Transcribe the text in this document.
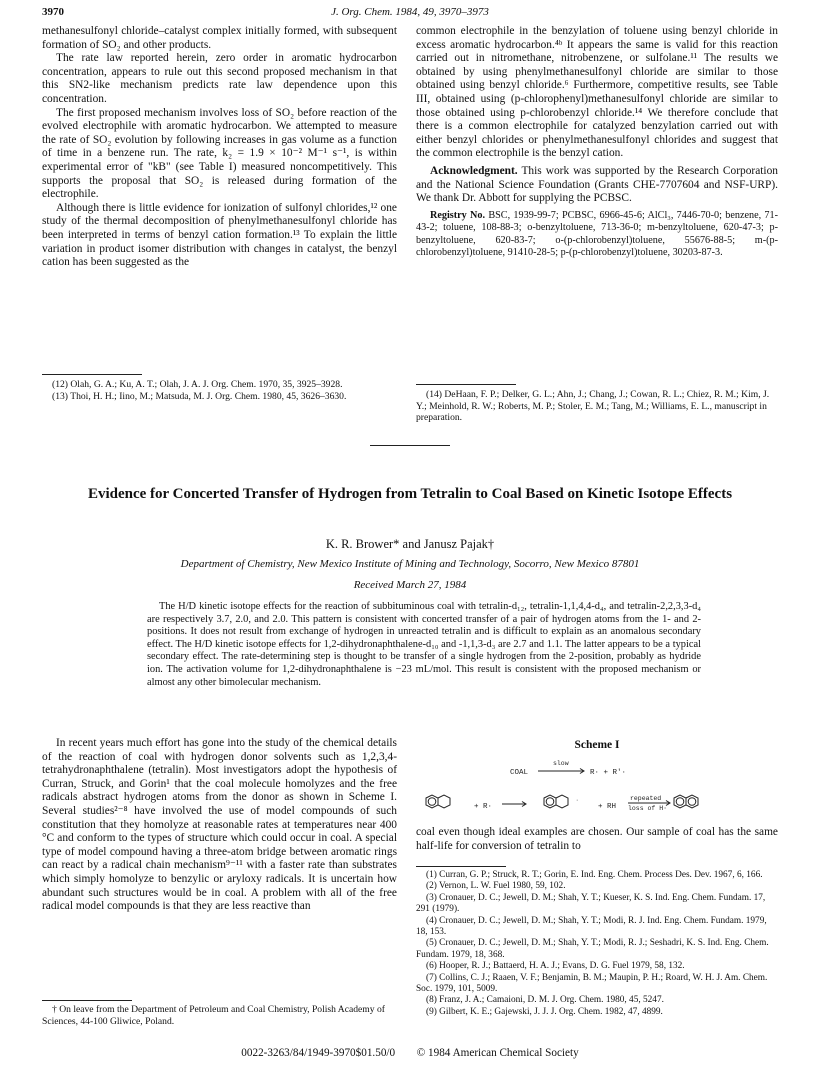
3970	J. Org. Chem. 1984, 49, 3970–3973

methanesulfonyl chloride–catalyst complex initially formed, with subsequent formation of SO₂ and other products.

The rate law reported herein, zero order in aromatic hydrocarbon concentration, appears to rule out this second proposed mechanism in that this SN2-like mechanism predicts rate law dependence upon this concentration.

The first proposed mechanism involves loss of SO₂ before reaction of the evolved electrophile with aromatic hydrocarbon. We attempted to measure the rate of SO₂ evolution by following increases in gas volume as a function of time in a benzene run. The rate, k₂ = 1.9 × 10⁻² M⁻¹ s⁻¹, is within experimental error of "kB" (see Table I) measured noncompetitively. This supports the proposal that SO₂ is released during formation of the electrophile.

Although there is little evidence for ionization of sulfonyl chlorides,¹² one study of the thermal decomposition of phenylmethanesulfonyl chloride has been interpreted in terms of benzyl cation formation.¹³ To explain the little variation in product isomer distribution with changes in catalyst, the benzyl cation has been suggested as the

common electrophile in the benzylation of toluene using benzyl chloride in excess aromatic hydrocarbon.⁴ᵇ It appears the same is valid for this reaction carried out in nitromethane, nitrobenzene, or sulfolane.¹¹ The results we obtained by using phenylmethanesulfonyl chloride are similar to those obtained using benzyl chloride.⁶ Furthermore, competitive results, see Table III, obtained using (p-chlorophenyl)methanesulfonyl chloride are similar to those obtained using p-chlorobenzyl chloride.¹⁴ We therefore conclude that there is a common electrophile for catalyzed benzylation carried out with either benzyl chlorides or phenylmethanesulfonyl chlorides and suggest that the common electrophile is the benzyl cation.

Acknowledgment. This work was supported by the Research Corporation and the National Science Foundation (Grants CHE-7707604 and NSF-URP). We thank Dr. Abbott for supplying the PCBSC.

Registry No. BSC, 1939-99-7; PCBSC, 6966-45-6; AlCl₃, 7446-70-0; benzene, 71-43-2; toluene, 108-88-3; o-benzyltoluene, 713-36-0; m-benzyltoluene, 620-47-3; p-benzyltoluene, 620-83-7; o-(p-chlorobenzyl)toluene, 55676-88-5; m-(p-chlorobenzyl)toluene, 91410-28-5; p-(p-chlorobenzyl)toluene, 30203-87-3.

(12) Olah, G. A.; Ku, A. T.; Olah, J. A. J. Org. Chem. 1970, 35, 3925–3928.

(13) Thoi, H. H.; Iino, M.; Matsuda, M. J. Org. Chem. 1980, 45, 3626–3630.	(14) DeHaan, F. P.; Delker, G. L.; Ahn, J.; Chang, J.; Cowan, R. L.; Chiez, R. M.; Kim, J. Y.; Meinhold, R. W.; Roberts, M. P.; Stoler, E. M.; Tang, M.; Williams, E. L., manuscript in preparation.

Evidence for Concerted Transfer of Hydrogen from Tetralin to Coal Based on Kinetic Isotope Effects
K. R. Brower* and Janusz Pajak†
Department of Chemistry, New Mexico Institute of Mining and Technology, Socorro, New Mexico 87801
Received March 27, 1984

The H/D kinetic isotope effects for the reaction of subbituminous coal with tetralin-d₁₂, tetralin-1,1,4,4-d₄, and tetralin-2,2,3,3-d₄ are respectively 3.7, 2.0, and 2.0. This pattern is consistent with concerted transfer of a pair of hydrogen atoms from the 1- and 2-positions. It does not result from exchange of hydrogen in unreacted tetralin and is difficult to explain as an anomalous secondary effect. The H/D kinetic isotope effects for 1,2-dihydronaphthalene-d₁₀ and -1,1,3-d₃ are 2.7 and 1.1. The latter appears to be a typical secondary effect. The rate-determining step is thought to be transfer of a single hydrogen from the 2-position, probably as hydride ion. The activation volume for 1,2-dihydronaphthalene is −23 mL/mol. This result is consistent with the proposed mechanism or almost any other bimolecular mechanism.

In recent years much effort has gone into the study of the chemical details of the reaction of coal with hydrogen donor solvents such as 1,2,3,4-tetrahydronaphthalene (tetralin). Most investigators adopt the hypothesis of Curran, Struck, and Gorin¹ that the coal molecule homolyzes and the free radicals abstract hydrogen atoms from the donor as shown in Scheme I. Several studies²⁻⁸ have involved the use of model compounds of such constitution that they homolyze at reasonable rates at temperatures near 400 °C and conform to the types of structure which could occur in coal. A special type of model compound having a three-atom bridge between aromatic rings can react by a radical chain mechanism⁹⁻¹¹ with a faster rate than substrates which simply homolyze to benzylic or aryloxy radicals. It is uncertain how abundant such structures would be in coal. A problem with all of the free radical model compounds is that they are less reactive than

† On leave from the Department of Petroleum and Coal Chemistry, Polish Academy of Sciences, 44-100 Gliwice, Poland.

Scheme I
COAL
slow
R· + R'·
+ R·	+ RH
repeated
loss of H·
·

coal even though ideal examples are chosen. Our sample of coal has the same half-life for conversion of tetralin to

(1) Curran, G. P.; Struck, R. T.; Gorin, E. Ind. Eng. Chem. Process Des. Dev. 1967, 6, 166.

(2) Vernon, L. W. Fuel 1980, 59, 102.

(3) Cronauer, D. C.; Jewell, D. M.; Shah, Y. T.; Kueser, K. S. Ind. Eng. Chem. Fundam. 17, 291 (1979).

(4) Cronauer, D. C.; Jewell, D. M.; Shah, Y. T.; Modi, R. J. Ind. Eng. Chem. Fundam. 1979, 18, 153.

(5) Cronauer, D. C.; Jewell, D. M.; Shah, Y. T.; Modi, R. J.; Seshadri, K. S. Ind. Eng. Chem. Fundam. 1979, 18, 368.

(6) Hooper, R. J.; Battaerd, H. A. J.; Evans, D. G. Fuel 1979, 58, 132.

(7) Collins, C. J.; Raaen, V. F.; Benjamin, B. M.; Maupin, P. H.; Roard, W. H. J. Am. Chem. Soc. 1979, 101, 5009.

(8) Franz, J. A.; Camaioni, D. M. J. Org. Chem. 1980, 45, 5247.

(9) Gilbert, K. E.; Gajewski, J. J. J. Org. Chem. 1982, 47, 4899.

0022-3263/84/1949-3970$01.50/0 © 1984 American Chemical Society
